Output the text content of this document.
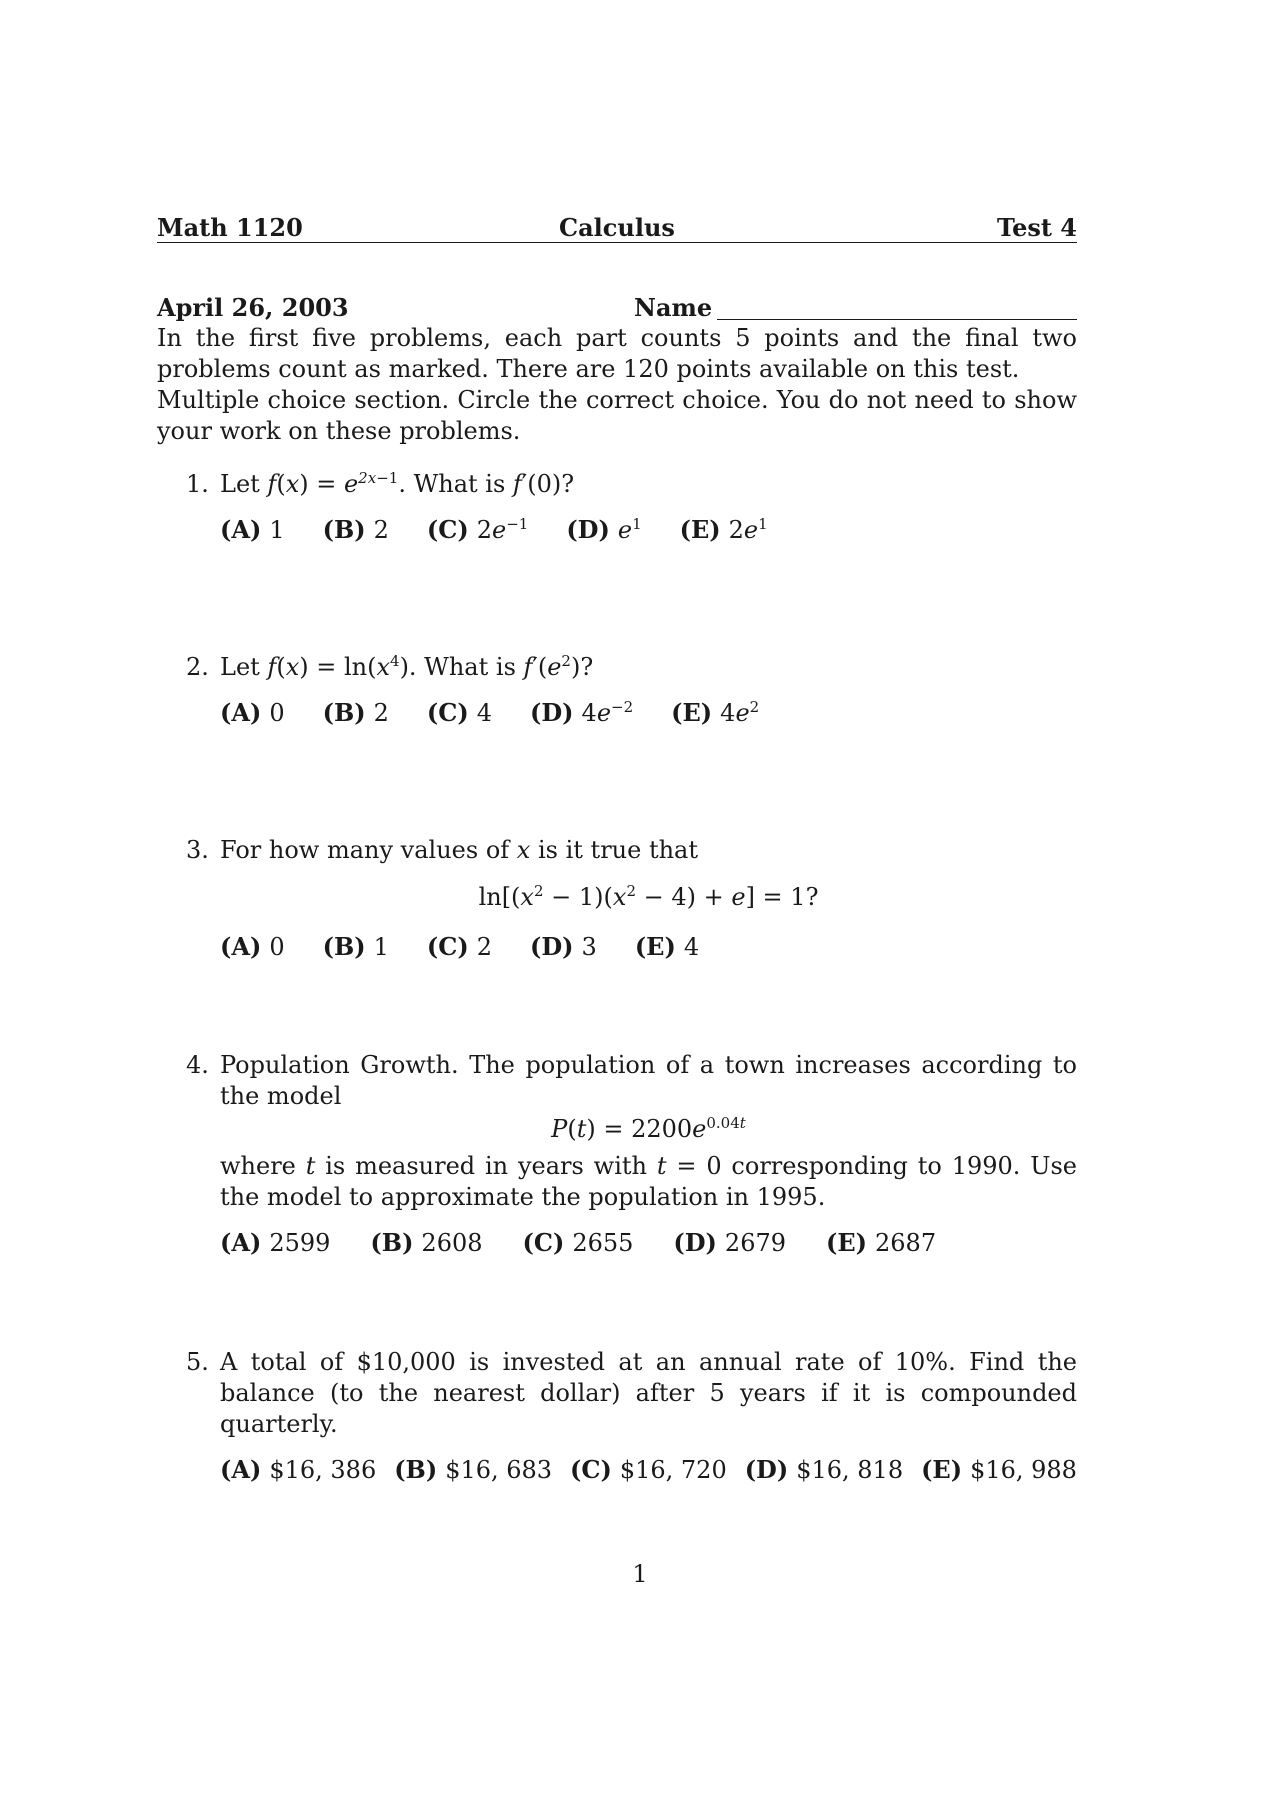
Math 1120	Calculus	Test 4
April 26, 2003	Name

In the first five problems, each part counts 5 points and the final two problems count as marked. There are 120 points available on this test.

Multiple choice section. Circle the correct choice. You do not need to show your work on these problems.

1. Let $f(x) = e^{2x-1}$. What is f′(0)?
(A) 1 (B) 2 (C) $2e^{-1}$ (D) $e^1$ (E) $2e^1$
2. Let $f(x) = \ln(x^4)$. What is $f'(e^2)$?
(A) 0 (B) 2 (C) 4 (D) $4e^{-2}$ (E) $4e^2$
3. For how many values of x is it true that
$\ln[(x^2 - 1)(x^2 - 4) + e] = 1$?
(A) 0 (B) 1 (C) 2 (D) 3 (E) 4
4. Population Growth. The population of a town increases according to the model
$P(t) = 2200e^{0.04t}$
where t is measured in years with t = 0 corresponding to 1990. Use the model to approximate the population in 1995.
(A) 2599 (B) 2608 (C) 2655 (D) 2679 (E) 2687
5. A total of $10,000 is invested at an annual rate of 10%. Find the balance (to the nearest dollar) after 5 years if it is compounded quarterly.
(A) $16, 386 (B) $16, 683 (C) $16, 720 (D) $16, 818 (E) $16, 988
1
